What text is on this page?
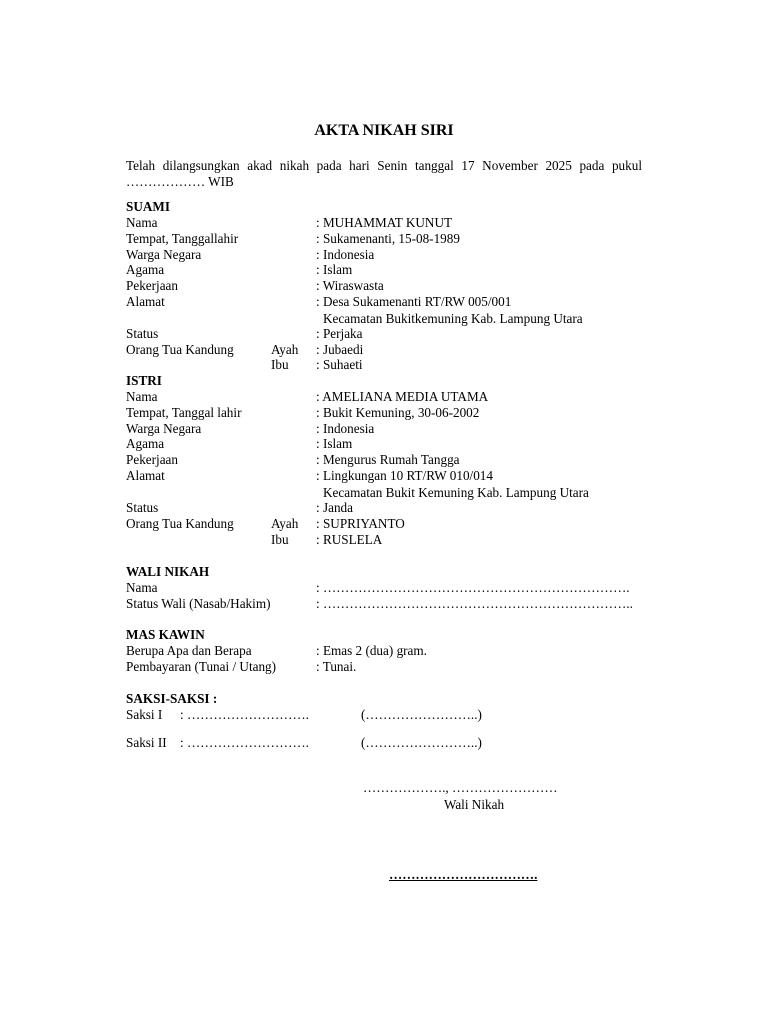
AKTA NIKAH SIRI
Telah dilangsungkan akad nikah pada hari Senin tanggal 17 November 2025 pada pukul
……………… WIB
SUAMI
Nama	: MUHAMMAT KUNUT
Tempat, Tanggallahir	: Sukamenanti, 15-08-1989
Warga Negara	: Indonesia
Agama	: Islam
Pekerjaan	: Wiraswasta
Alamat	: Desa Sukamenanti RT/RW 005/001
Kecamatan Bukitkemuning Kab. Lampung Utara
Status	: Perjaka
Orang Tua Kandung	Ayah : Jubaedi
Ibu : Suhaeti
ISTRI
Nama	: AMELIANA MEDIA UTAMA
Tempat, Tanggal lahir	: Bukit Kemuning, 30-06-2002
Warga Negara	: Indonesia
Agama	: Islam
Pekerjaan	: Mengurus Rumah Tangga
Alamat	: Lingkungan 10 RT/RW 010/014
Kecamatan Bukit Kemuning Kab. Lampung Utara
Status	: Janda
Orang Tua Kandung	Ayah : SUPRIYANTO
Ibu : RUSLELA
WALI NIKAH
Nama	: …………………………………………………………….
Status Wali (Nasab/Hakim)	: ……………………………………………………………..
MAS KAWIN
Berupa Apa dan Berapa	: Emas 2 (dua) gram.
Pembayaran (Tunai / Utang)	: Tunai.
SAKSI-SAKSI :
Saksi I : ……………………….	(……………………..)
Saksi II : ……………………….	(……………………..)
………………., ……………………
Wali Nikah
…………………………….
